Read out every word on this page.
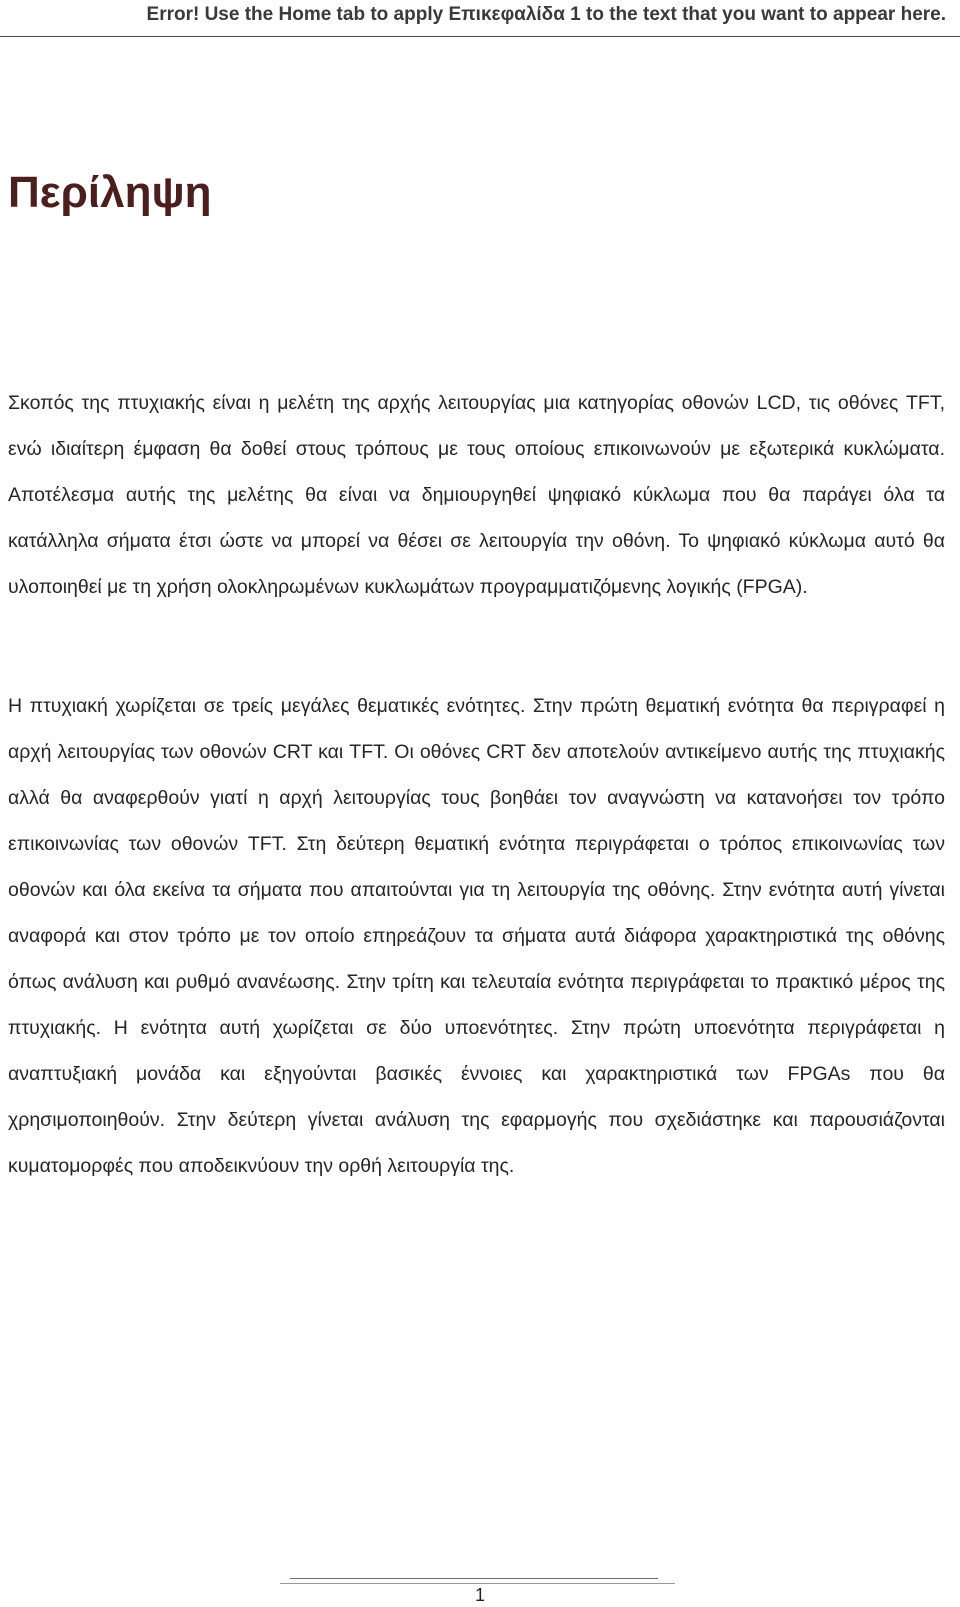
Error! Use the Home tab to apply Επικεφαλίδα 1 to the text that you want to appear here.
Περίληψη

Σκοπός της πτυχιακής είναι η μελέτη της αρχής λειτουργίας μια κατηγορίας οθονών LCD, τις οθόνες TFT, ενώ ιδιαίτερη έμφαση θα δοθεί στους τρόπους με τους οποίους επικοινωνούν με εξωτερικά κυκλώματα. Αποτέλεσμα αυτής της μελέτης θα είναι να δημιουργηθεί ψηφιακό κύκλωμα που θα παράγει όλα τα κατάλληλα σήματα έτσι ώστε να μπορεί να θέσει σε λειτουργία την οθόνη. Το ψηφιακό κύκλωμα αυτό θα υλοποιηθεί με τη χρήση ολοκληρωμένων κυκλωμάτων προγραμματιζόμενης λογικής (FPGA).

Η πτυχιακή χωρίζεται σε τρείς μεγάλες θεματικές ενότητες. Στην πρώτη θεματική ενότητα θα περιγραφεί η αρχή λειτουργίας των οθονών CRT και TFT. Οι οθόνες CRT δεν αποτελούν αντικείμενο αυτής της πτυχιακής αλλά θα αναφερθούν γιατί η αρχή λειτουργίας τους βοηθάει τον αναγνώστη να κατανοήσει τον τρόπο επικοινωνίας των οθονών TFT. Στη δεύτερη θεματική ενότητα περιγράφεται ο τρόπος επικοινωνίας των οθονών και όλα εκείνα τα σήματα που απαιτούνται για τη λειτουργία της οθόνης. Στην ενότητα αυτή γίνεται αναφορά και στον τρόπο με τον οποίο επηρεάζουν τα σήματα αυτά διάφορα χαρακτηριστικά της οθόνης όπως ανάλυση και ρυθμό ανανέωσης. Στην τρίτη και τελευταία ενότητα περιγράφεται το πρακτικό μέρος της πτυχιακής. Η ενότητα αυτή χωρίζεται σε δύο υποενότητες. Στην πρώτη υποενότητα περιγράφεται η αναπτυξιακή μονάδα και εξηγούνται βασικές έννοιες και χαρακτηριστικά των FPGAs που θα χρησιμοποιηθούν. Στην δεύτερη γίνεται ανάλυση της εφαρμογής που σχεδιάστηκε και παρουσιάζονται κυματομορφές που αποδεικνύουν την ορθή λειτουργία της.

1
